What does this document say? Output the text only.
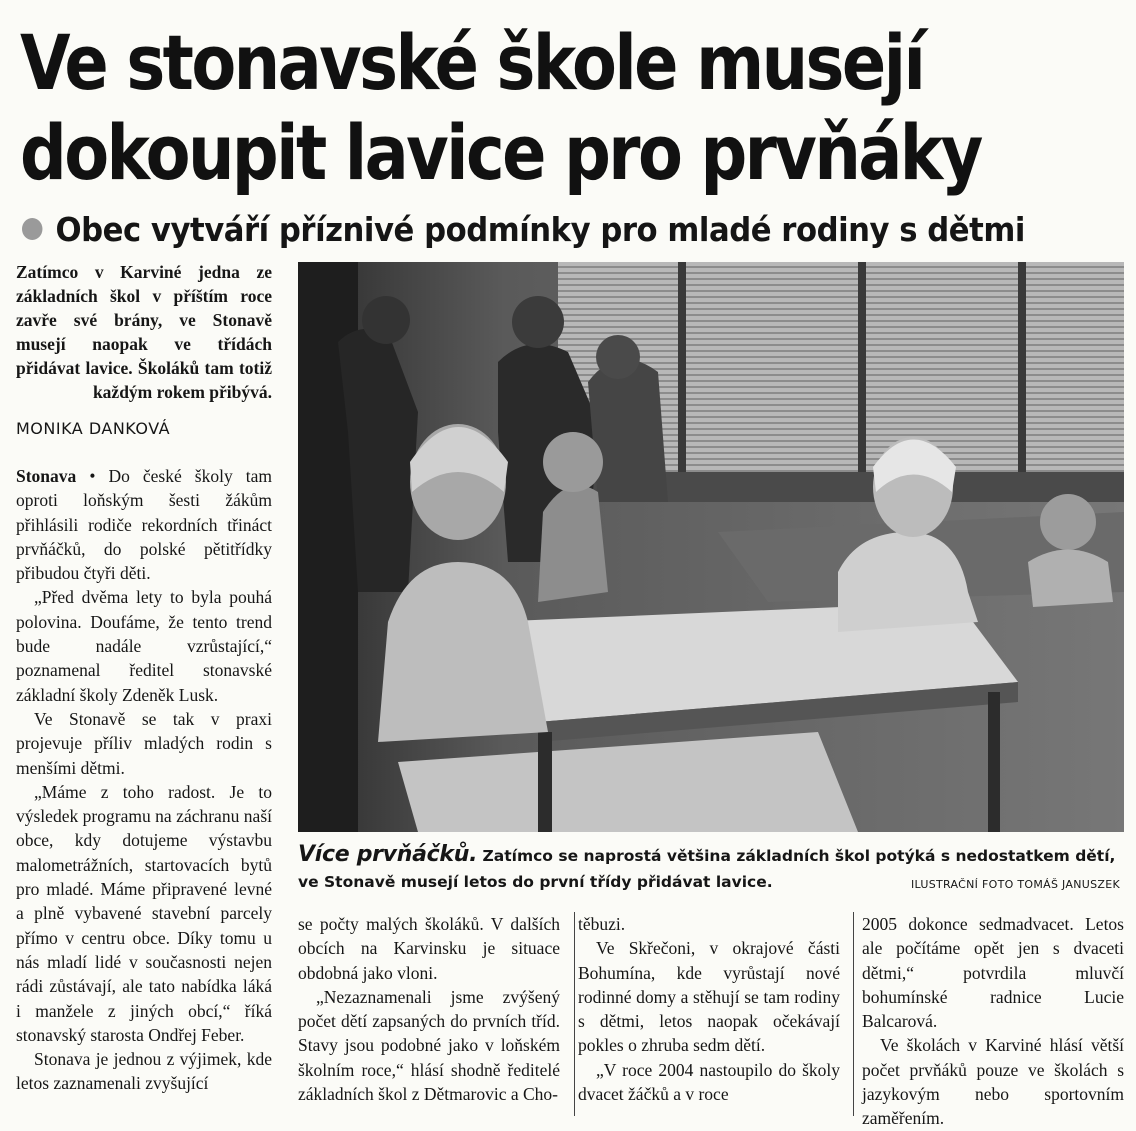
Ve stonavské škole musejí
dokoupit lavice pro prvňáky
Obec vytváří příznivé podmínky pro mladé rodiny s dětmi

Zatímco v Karviné jedna ze základních škol v příštím roce zavře své brány, ve Stonavě musejí naopak ve třídách přidávat lavice. Školáků tam totiž každým rokem přibývá.

MONIKA DANKOVÁ

Stonava • Do české školy tam oproti loňským šesti žákům přihlásili rodiče rekordních třináct prvňáčků, do polské pětitřídky přibudou čtyři děti.

„Před dvěma lety to byla pouhá polovina. Doufáme, že tento trend bude nadále vzrůstající,“ poznamenal ředitel stonavské základní školy Zdeněk Lusk.

Ve Stonavě se tak v praxi projevuje příliv mladých rodin s menšími dětmi.

„Máme z toho radost. Je to výsledek programu na záchranu naší obce, kdy dotujeme výstavbu malometrážních, startovacích bytů pro mladé. Máme připravené levné a plně vybavené stavební parcely přímo v centru obce. Díky tomu u nás mladí lidé v současnosti nejen rádi zůstávají, ale tato nabídka láká i manžele z jiných obcí,“ říká stonavský starosta Ondřej Feber.

Stonava je jednou z výjimek, kde letos zaznamenali zvyšující

Více prvňáčků. Zatímco se naprostá většina základních škol potýká s nedostatkem dětí, ve Stonavě musejí letos do první třídy přidávat lavice.	ILUSTRAČNÍ FOTO TOMÁŠ JANUSZEK

se počty malých školáků. V dalších obcích na Karvinsku je situace obdobná jako vloni.

„Nezaznamenali jsme zvýšený počet dětí zapsaných do prvních tříd. Stavy jsou podobné jako v loňském školním roce,“ hlásí shodně ředitelé základních škol z Dětmarovic a Cho-

těbuzi.

Ve Skřečoni, v okrajové části Bohumína, kde vyrůstají nové rodinné domy a stěhují se tam rodiny s dětmi, letos naopak očekávají pokles o zhruba sedm dětí.

„V roce 2004 nastoupilo do školy dvacet žáčků a v roce

2005 dokonce sedmadvacet. Letos ale počítáme opět jen s dvaceti dětmi,“ potvrdila mluvčí bohumínské radnice Lucie Balcarová.

Ve školách v Karviné hlásí větší počet prvňáků pouze ve školách s jazykovým nebo sportovním zaměřením.
